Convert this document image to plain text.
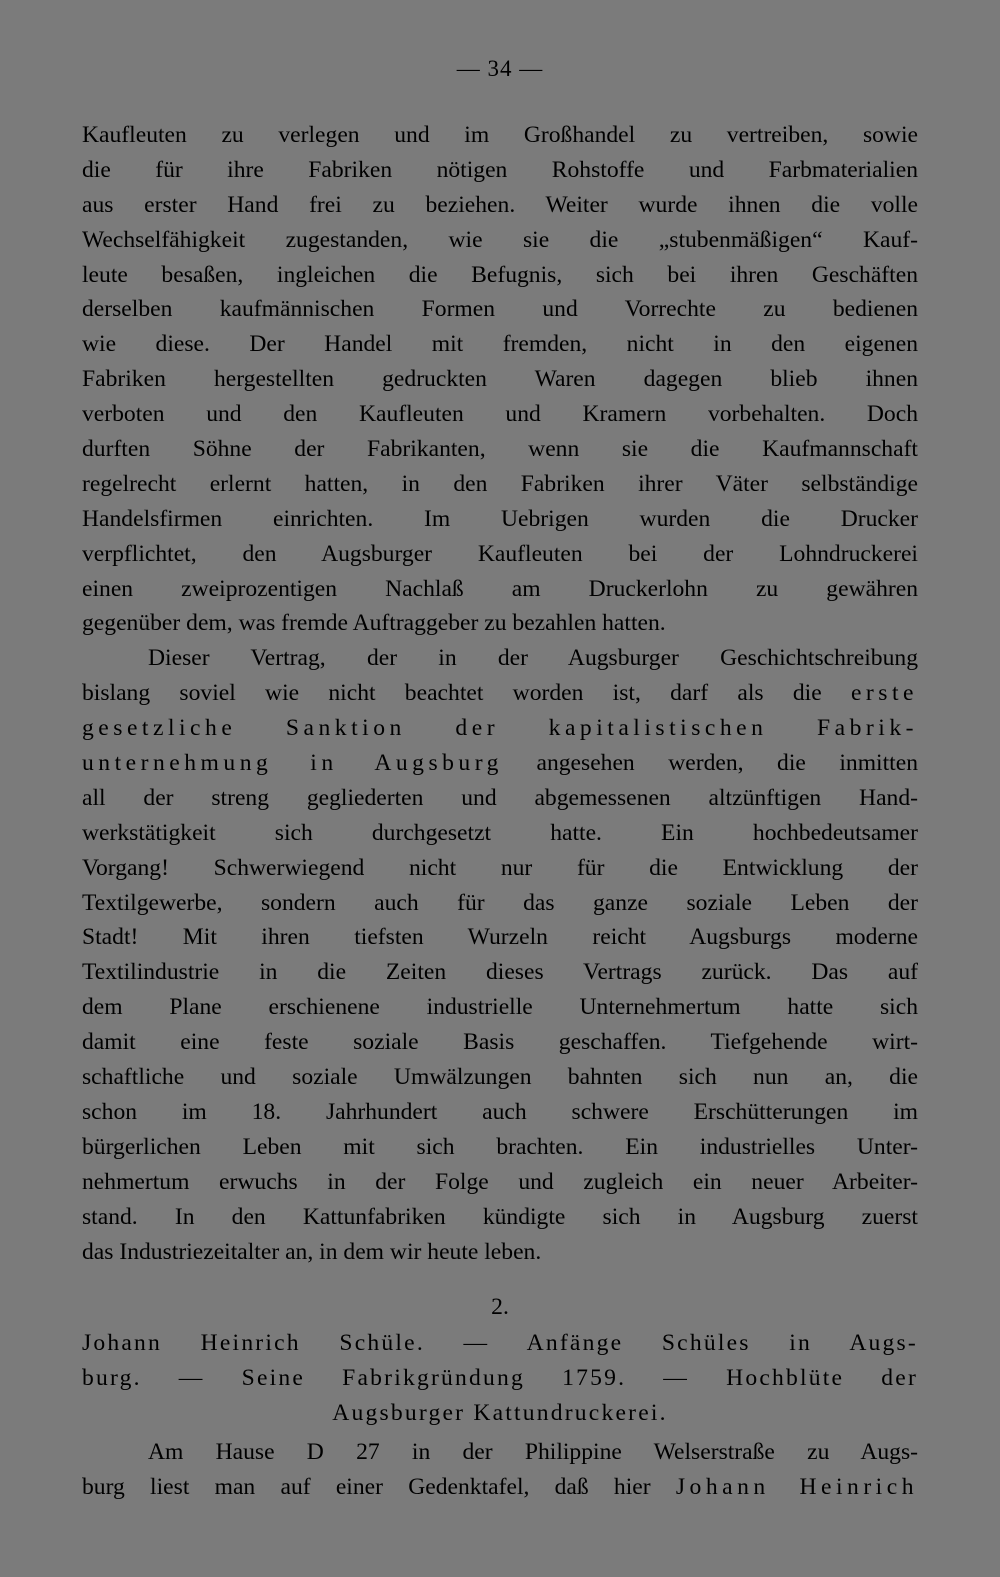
— 34 —
Kaufleuten zu verlegen und im Großhandel zu vertreiben, sowie
die für ihre Fabriken nötigen Rohstoffe und Farbmaterialien
aus erster Hand frei zu beziehen. Weiter wurde ihnen die volle
Wechselfähigkeit zugestanden, wie sie die „stubenmäßigen“ Kauf-
leute besaßen, ingleichen die Befugnis, sich bei ihren Geschäften
derselben kaufmännischen Formen und Vorrechte zu bedienen
wie diese. Der Handel mit fremden, nicht in den eigenen
Fabriken hergestellten gedruckten Waren dagegen blieb ihnen
verboten und den Kaufleuten und Kramern vorbehalten. Doch
durften Söhne der Fabrikanten, wenn sie die Kaufmannschaft
regelrecht erlernt hatten, in den Fabriken ihrer Väter selbständige
Handelsfirmen einrichten. Im Uebrigen wurden die Drucker
verpflichtet, den Augsburger Kaufleuten bei der Lohndruckerei
einen zweiprozentigen Nachlaß am Druckerlohn zu gewähren
gegenüber dem, was fremde Auftraggeber zu bezahlen hatten.
Dieser Vertrag, der in der Augsburger Geschichtschreibung
bislang soviel wie nicht beachtet worden ist, darf als die erste
gesetzliche Sanktion der kapitalistischen Fabrik-
unternehmung in Augsburg angesehen werden, die inmitten
all der streng gegliederten und abgemessenen altzünftigen Hand-
werkstätigkeit sich durchgesetzt hatte. Ein hochbedeutsamer
Vorgang! Schwerwiegend nicht nur für die Entwicklung der
Textilgewerbe, sondern auch für das ganze soziale Leben der
Stadt! Mit ihren tiefsten Wurzeln reicht Augsburgs moderne
Textilindustrie in die Zeiten dieses Vertrags zurück. Das auf
dem Plane erschienene industrielle Unternehmertum hatte sich
damit eine feste soziale Basis geschaffen. Tiefgehende wirt-
schaftliche und soziale Umwälzungen bahnten sich nun an, die
schon im 18. Jahrhundert auch schwere Erschütterungen im
bürgerlichen Leben mit sich brachten. Ein industrielles Unter-
nehmertum erwuchs in der Folge und zugleich ein neuer Arbeiter-
stand. In den Kattunfabriken kündigte sich in Augsburg zuerst
das Industriezeitalter an, in dem wir heute leben.
2.
Johann Heinrich Schüle. — Anfänge Schüles in Augs-
burg. — Seine Fabrikgründung 1759. — Hochblüte der
Augsburger Kattundruckerei.
Am Hause D 27 in der Philippine Welserstraße zu Augs-
burg liest man auf einer Gedenktafel, daß hier Johann Heinrich
